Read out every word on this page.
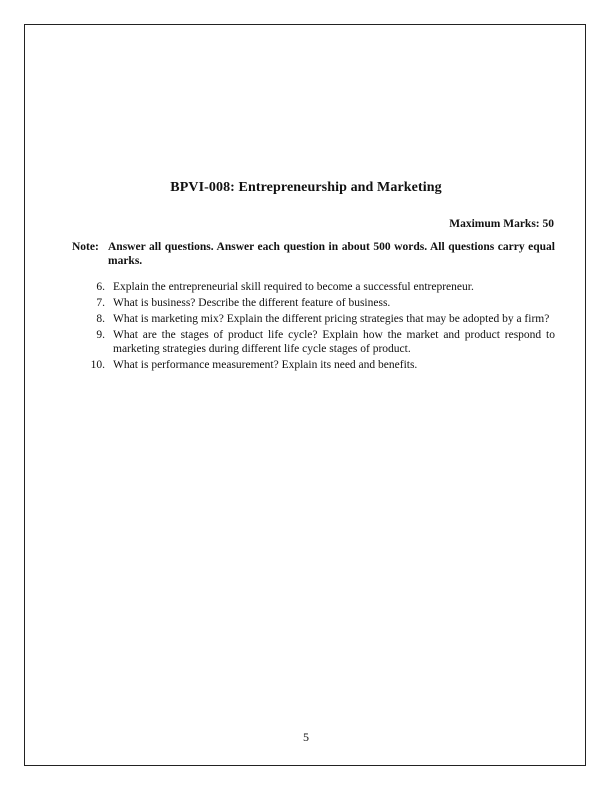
BPVI-008: Entrepreneurship and Marketing
Maximum Marks: 50
Note: Answer all questions. Answer each question in about 500 words. All questions carry equal marks.
6. Explain the entrepreneurial skill required to become a successful entrepreneur.
7. What is business? Describe the different feature of business.
8. What is marketing mix? Explain the different pricing strategies that may be adopted by a firm?
9. What are the stages of product life cycle? Explain how the market and product respond to marketing strategies during different life cycle stages of product.
10. What is performance measurement? Explain its need and benefits.
5
